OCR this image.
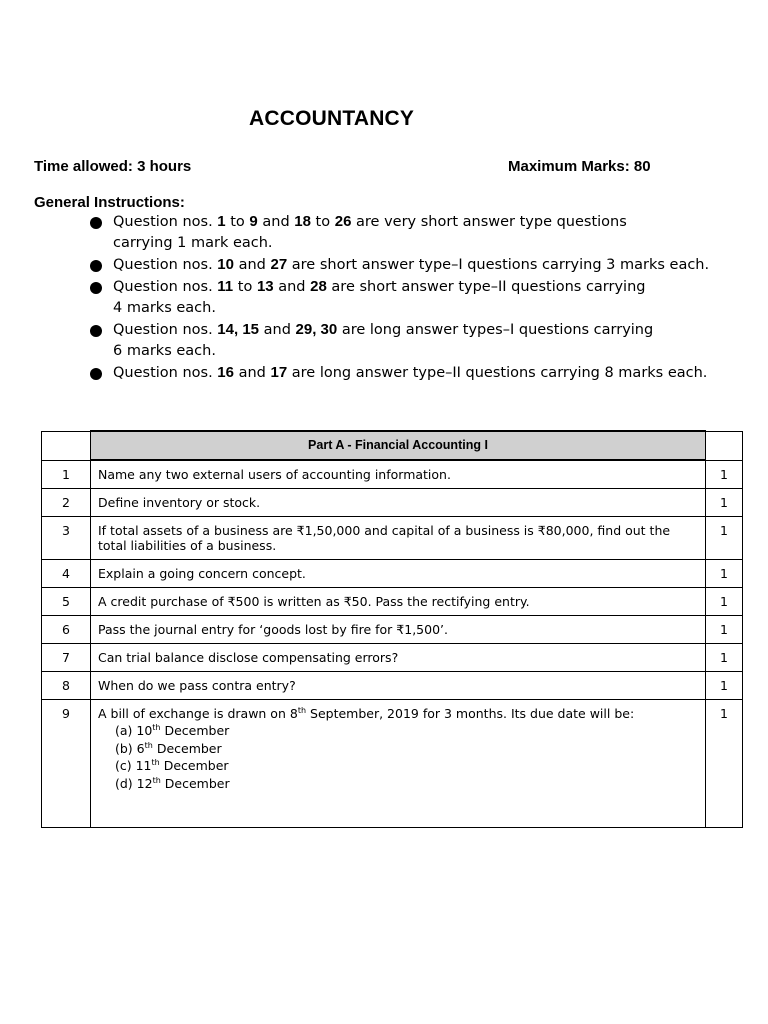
ACCOUNTANCY
Time allowed: 3 hours	Maximum Marks: 80
General Instructions:
Question nos. 1 to 9 and 18 to 26 are very short answer type questions
carrying 1 mark each.
Question nos. 10 and 27 are short answer type–I questions carrying 3 marks each.
Question nos. 11 to 13 and 28 are short answer type–II questions carrying
4 marks each.
Question nos. 14, 15 and 29, 30 are long answer types–I questions carrying
6 marks each.
Question nos. 16 and 17 are long answer type–II questions carrying 8 marks each.
	Part A - Financial Accounting I	
1	Name any two external users of accounting information.	1
2	Define inventory or stock.	1
3	If total assets of a business are ₹1,50,000 and capital of a business is ₹80,000, find out the total liabilities of a business.	1
4	Explain a going concern concept.	1
5	A credit purchase of ₹500 is written as ₹50. Pass the rectifying entry.	1
6	Pass the journal entry for ‘goods lost by fire for ₹1,500’.	1
7	Can trial balance disclose compensating errors?	1
8	When do we pass contra entry?	1
9	A bill of exchange is drawn on 8th September, 2019 for 3 months. Its due date will be:
(a) 10th December
(b) 6th December
(c) 11th December
(d) 12th December	1
